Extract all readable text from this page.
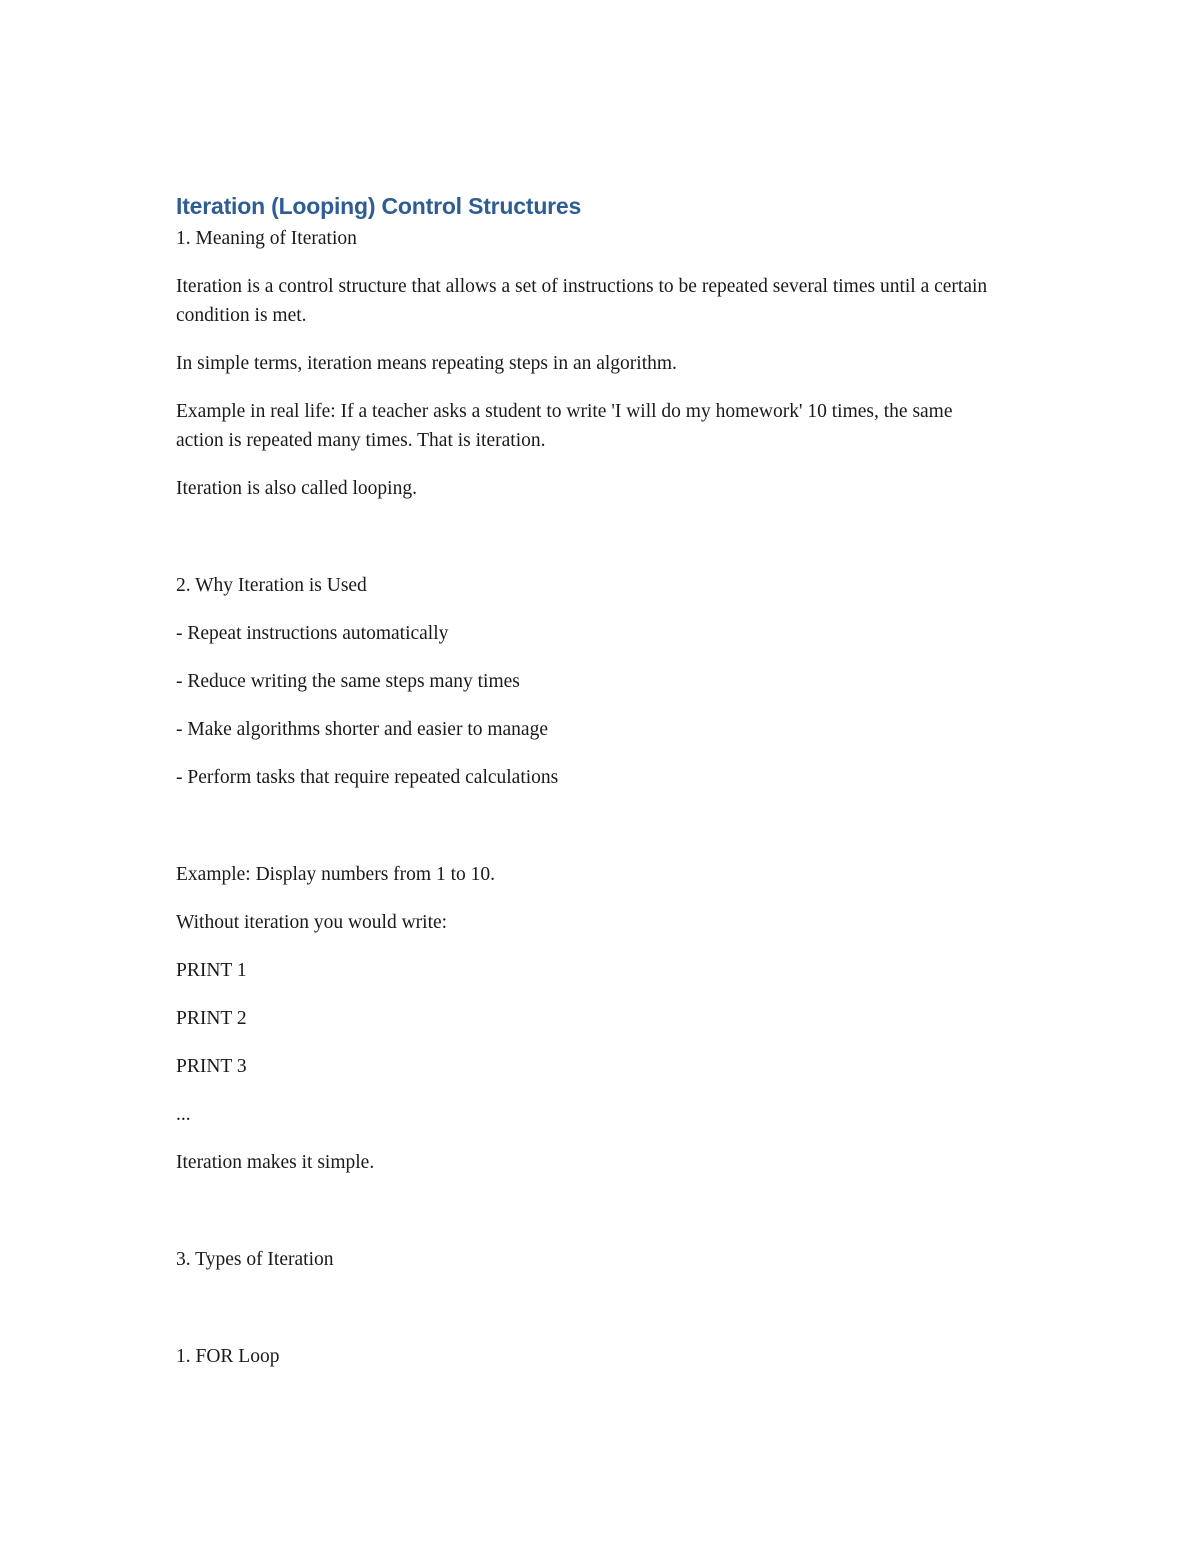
Iteration (Looping) Control Structures

1. Meaning of Iteration

Iteration is a control structure that allows a set of instructions to be repeated several times until a certain condition is met.

In simple terms, iteration means repeating steps in an algorithm.

Example in real life: If a teacher asks a student to write 'I will do my homework' 10 times, the same action is repeated many times. That is iteration.

Iteration is also called looping.

2. Why Iteration is Used

- Repeat instructions automatically

- Reduce writing the same steps many times

- Make algorithms shorter and easier to manage

- Perform tasks that require repeated calculations

Example: Display numbers from 1 to 10.

Without iteration you would write:

PRINT 1

PRINT 2

PRINT 3

...

Iteration makes it simple.

3. Types of Iteration

1. FOR Loop
